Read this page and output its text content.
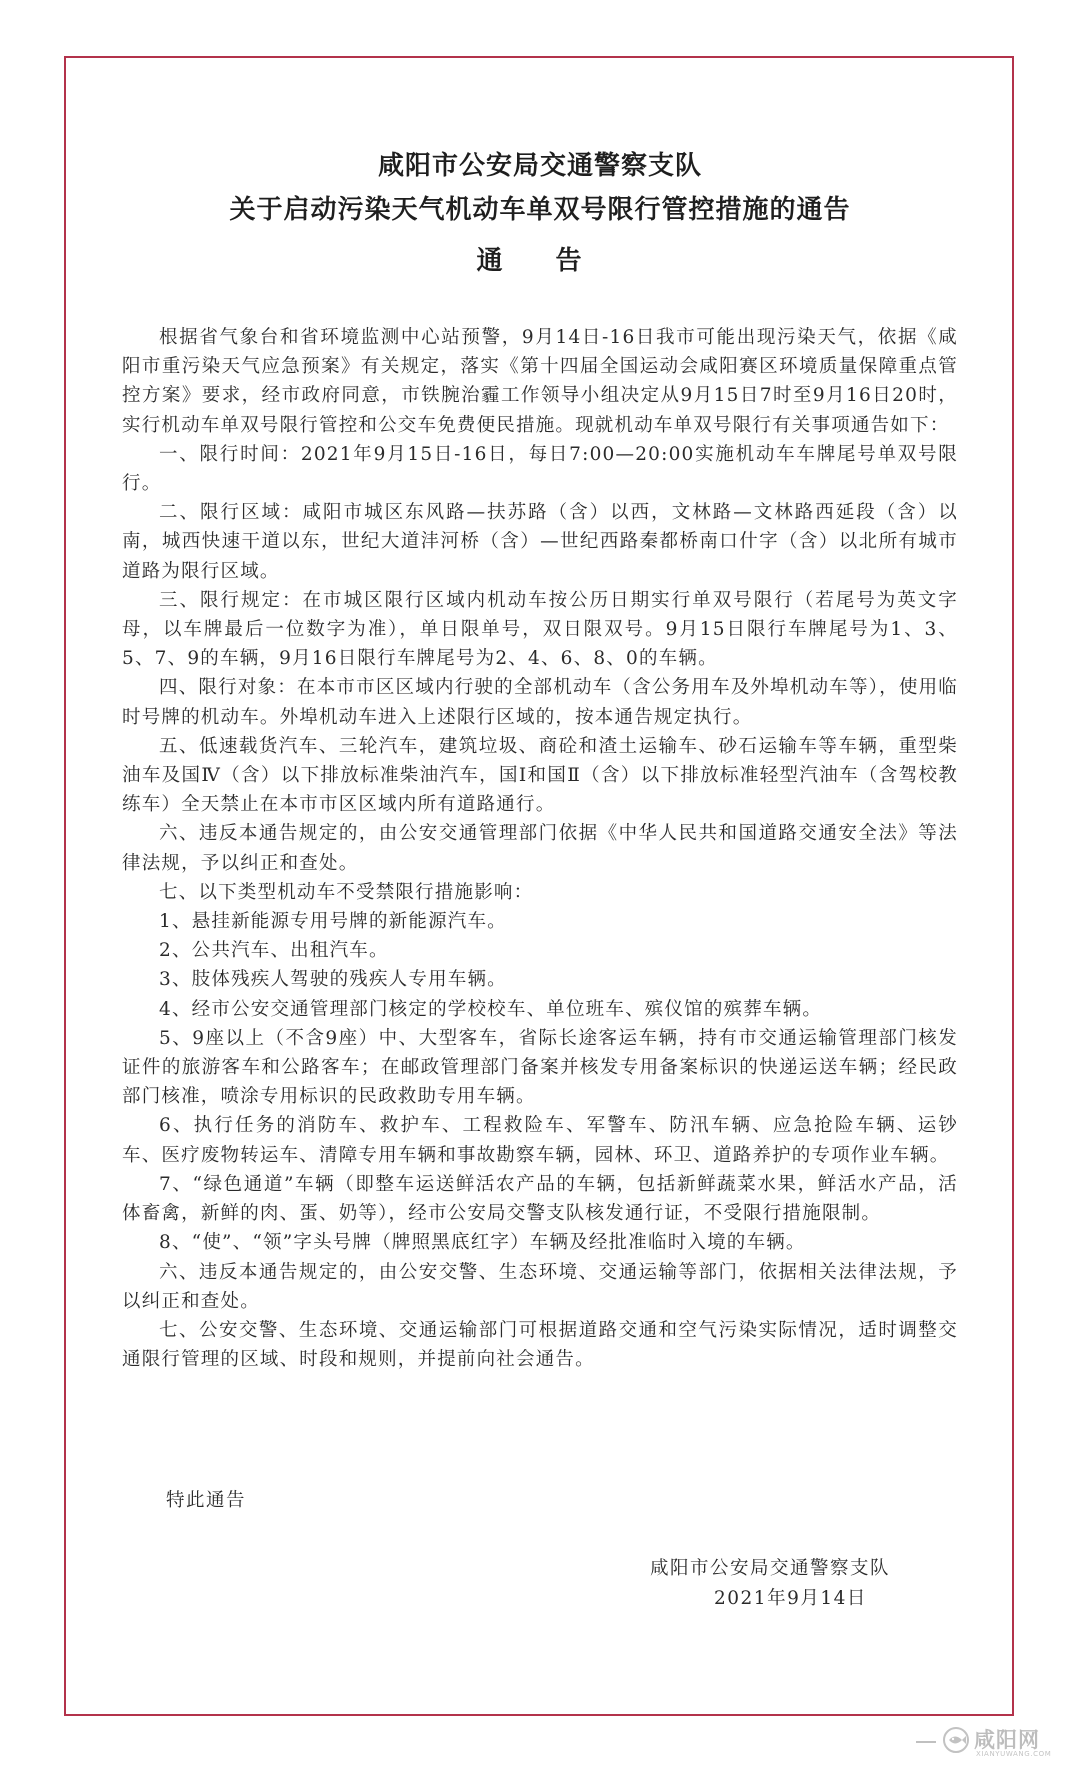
咸阳市公安局交通警察支队
关于启动污染天气机动车单双号限行管控措施的通告
通 告

根据省气象台和省环境监测中心站预警，9月14日-16日我市可能出现污染天气，依据《咸阳市重污染天气应急预案》有关规定，落实《第十四届全国运动会咸阳赛区环境质量保障重点管控方案》要求，经市政府同意，市铁腕治霾工作领导小组决定从9月15日7时至9月16日20时，实行机动车单双号限行管控和公交车免费便民措施。现就机动车单双号限行有关事项通告如下：

一、限行时间：2021年9月15日-16日，每日7:00—20:00实施机动车车牌尾号单双号限行。

二、限行区域：咸阳市城区东风路—扶苏路（含）以西，文林路—文林路西延段（含）以南，城西快速干道以东，世纪大道沣河桥（含）—世纪西路秦都桥南口什字（含）以北所有城市道路为限行区域。

三、限行规定：在市城区限行区域内机动车按公历日期实行单双号限行（若尾号为英文字母，以车牌最后一位数字为准），单日限单号，双日限双号。9月15日限行车牌尾号为1、3、5、7、9的车辆，9月16日限行车牌尾号为2、4、6、8、0的车辆。

四、限行对象：在本市市区区域内行驶的全部机动车（含公务用车及外埠机动车等），使用临时号牌的机动车。外埠机动车进入上述限行区域的，按本通告规定执行。

五、低速载货汽车、三轮汽车，建筑垃圾、商砼和渣土运输车、砂石运输车等车辆，重型柴油车及国Ⅳ（含）以下排放标准柴油汽车，国Ⅰ和国Ⅱ（含）以下排放标准轻型汽油车（含驾校教练车）全天禁止在本市市区区域内所有道路通行。

六、违反本通告规定的，由公安交通管理部门依据《中华人民共和国道路交通安全法》等法律法规，予以纠正和查处。

七、以下类型机动车不受禁限行措施影响：

1、悬挂新能源专用号牌的新能源汽车。

2、公共汽车、出租汽车。

3、肢体残疾人驾驶的残疾人专用车辆。

4、经市公安交通管理部门核定的学校校车、单位班车、殡仪馆的殡葬车辆。

5、9座以上（不含9座）中、大型客车，省际长途客运车辆，持有市交通运输管理部门核发证件的旅游客车和公路客车；在邮政管理部门备案并核发专用备案标识的快递运送车辆；经民政部门核准，喷涂专用标识的民政救助专用车辆。

6、执行任务的消防车、救护车、工程救险车、军警车、防汛车辆、应急抢险车辆、运钞车、医疗废物转运车、清障专用车辆和事故勘察车辆，园林、环卫、道路养护的专项作业车辆。

7、“绿色通道”车辆（即整车运送鲜活农产品的车辆，包括新鲜蔬菜水果，鲜活水产品，活体畜禽，新鲜的肉、蛋、奶等），经市公安局交警支队核发通行证，不受限行措施限制。

8、“使”、“领”字头号牌（牌照黑底红字）车辆及经批准临时入境的车辆。

六、违反本通告规定的，由公安交警、生态环境、交通运输等部门，依据相关法律法规，予以纠正和查处。

七、公安交警、生态环境、交通运输部门可根据道路交通和空气污染实际情况，适时调整交通限行管理的区域、时段和规则，并提前向社会通告。

特此通告
咸阳市公安局交通警察支队
2021年9月14日
咸阳网
XIANYUWANG.COM
